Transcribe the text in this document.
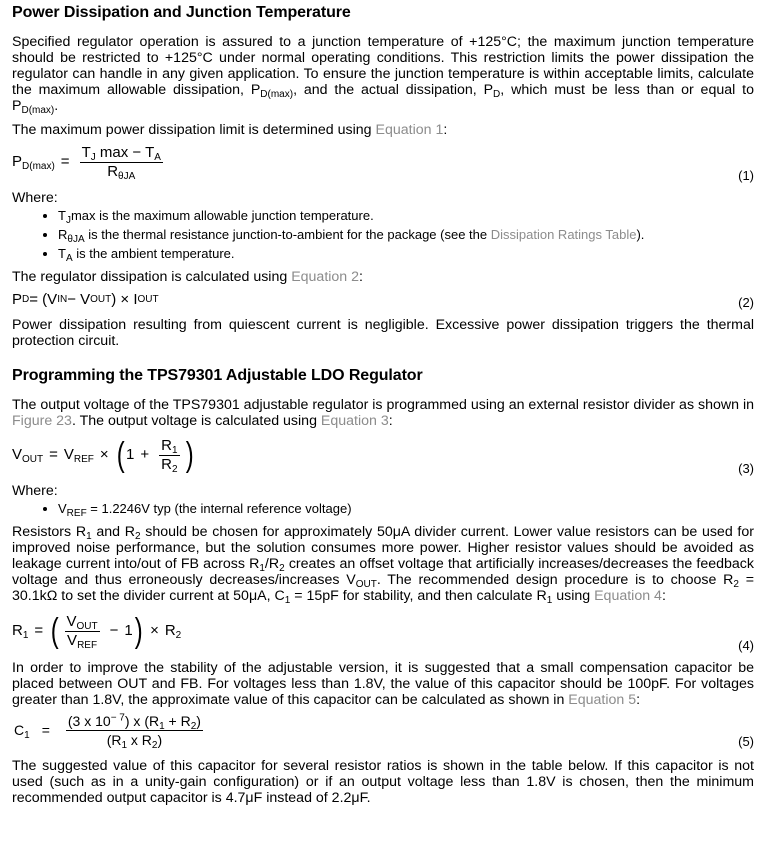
Power Dissipation and Junction Temperature

Specified regulator operation is assured to a junction temperature of +125°C; the maximum junction temperature should be restricted to +125°C under normal operating conditions. This restriction limits the power dissipation the regulator can handle in any given application. To ensure the junction temperature is within acceptable limits, calculate the maximum allowable dissipation, $P_{D(max)}$, and the actual dissipation, $P_D$, which must be less than or equal to $P_{D(max)}$.

The maximum power dissipation limit is determined using Equation 1:

$P_{D(max)} = \frac{T_J \max - T_A}{R_{\theta JA}}$	(1)
Where:
• $T_J\max$ is the maximum allowable junction temperature.
• $R_{\theta JA}$ is the thermal resistance junction-to-ambient for the package (see the Dissipation Ratings Table).
• $T_A$ is the ambient temperature.

The regulator dissipation is calculated using Equation 2:

P D = (V IN − V OUT ) × I OUT	(2)

Power dissipation resulting from quiescent current is negligible. Excessive power dissipation triggers the thermal protection circuit.

Programming the TPS79301 Adjustable LDO Regulator

The output voltage of the TPS79301 adjustable regulator is programmed using an external resistor divider as shown in Figure 23. The output voltage is calculated using Equation 3:

$V_{OUT} = V_{REF}$ × ( $1 + \frac{R_1}{R_2}$ )	(3)
Where:
• $V_{REF} = 1.2246V$ typ (the internal reference voltage)

Resistors $R_1$ and $R_2$ should be chosen for approximately 50μA divider current. Lower value resistors can be used for improved noise performance, but the solution consumes more power. Higher resistor values should be avoided as leakage current into/out of FB across $R_1/R_2$ creates an offset voltage that artificially increases/decreases the feedback voltage and thus erroneously decreases/increases $V_{OUT}$. The recommended design procedure is to choose $R_2 = 30.1k\Omega$ to set the divider current at 50μA, $C_1 = 15pF$ for stability, and then calculate $R_1$ using Equation 4:

$R_1$ = ( $\frac{V_{OUT}}{V_{REF}} - 1$ ) × $R_2$
(4)

In order to improve the stability of the adjustable version, it is suggested that a small compensation capacitor be placed between OUT and FB. For voltages less than 1.8V, the value of this capacitor should be 100pF. For voltages greater than 1.8V, the approximate value of this capacitor can be calculated as shown in Equation 5:

$C_1 = \frac{(3 x 10^{- 7}) x (R_1 + R_2)}{(R_1 x R_2)}$	(5)

The suggested value of this capacitor for several resistor ratios is shown in the table below. If this capacitor is not used (such as in a unity-gain configuration) or if an output voltage less than 1.8V is chosen, then the minimum recommended output capacitor is 4.7μF instead of 2.2μF.
